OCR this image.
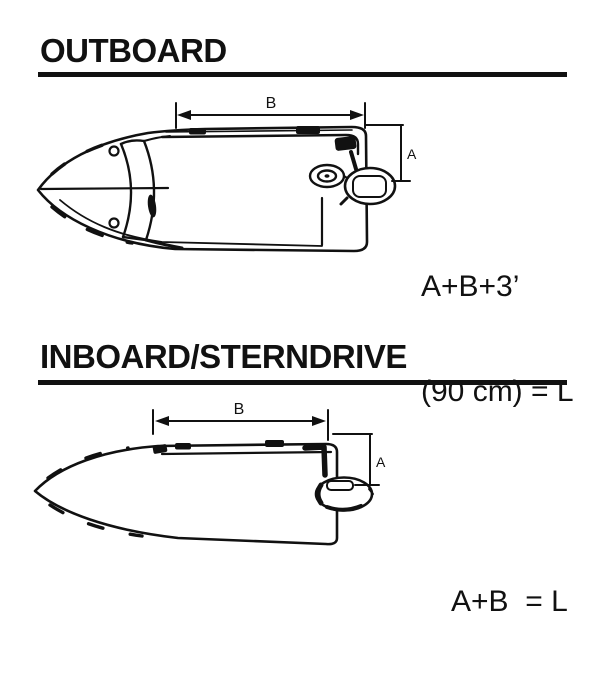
OUTBOARD
INBOARD/STERNDRIVE

A+B+3’

(90 cm) = L

A+B  = L

B
A
B
A
